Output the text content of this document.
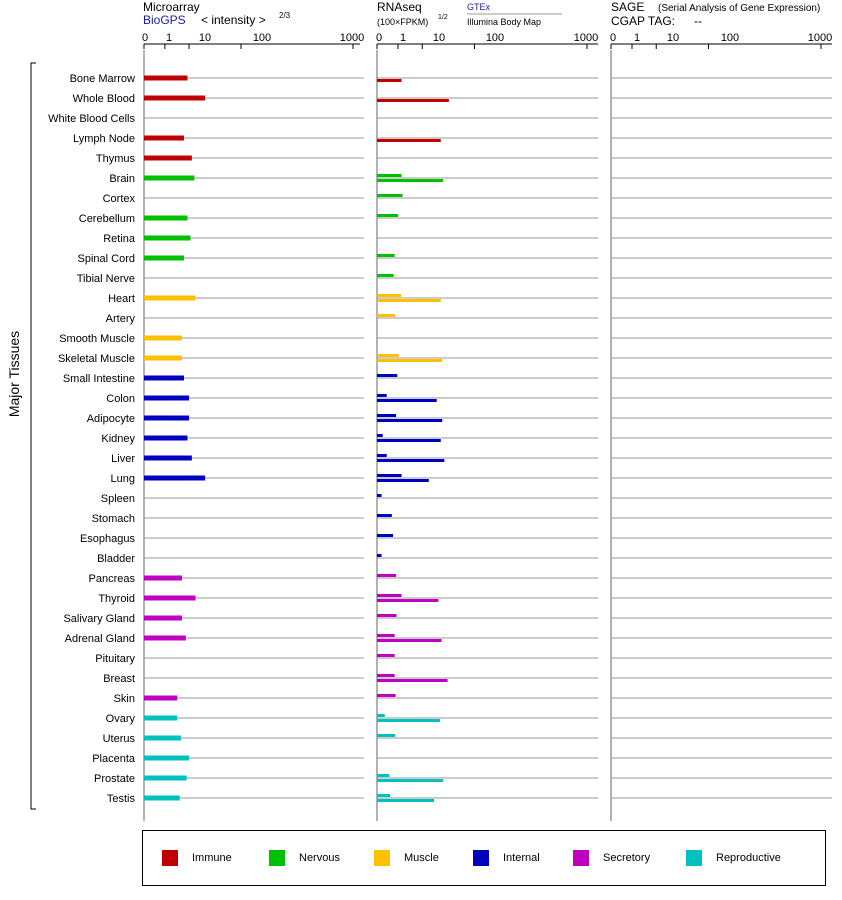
Microarray
BioGPS < intensity > 2/3
RNAseq
(100×FPKM) 1/2
GTEx
Illumina Body Map
SAGE (Serial Analysis of Gene Expression)
CGAP TAG: --
0 1 10	100	1000 0 1 10	100	1000 0 1 10	100	1000
Major Tissues
Bone Marrow
Whole Blood
White Blood Cells
Lymph Node
Thymus
Brain
Cortex
Cerebellum
Retina
Spinal Cord
Tibial Nerve
Heart
Artery
Smooth Muscle
Skeletal Muscle
Small Intestine
Colon
Adipocyte
Kidney
Liver
Lung
Spleen
Stomach
Esophagus
Bladder
Pancreas
Thyroid
Salivary Gland
Adrenal Gland
Pituitary
Breast
Skin
Ovary
Uterus
Placenta
Prostate
Testis
Immune	Nervous	Muscle	Internal	Secretory	Reproductive
